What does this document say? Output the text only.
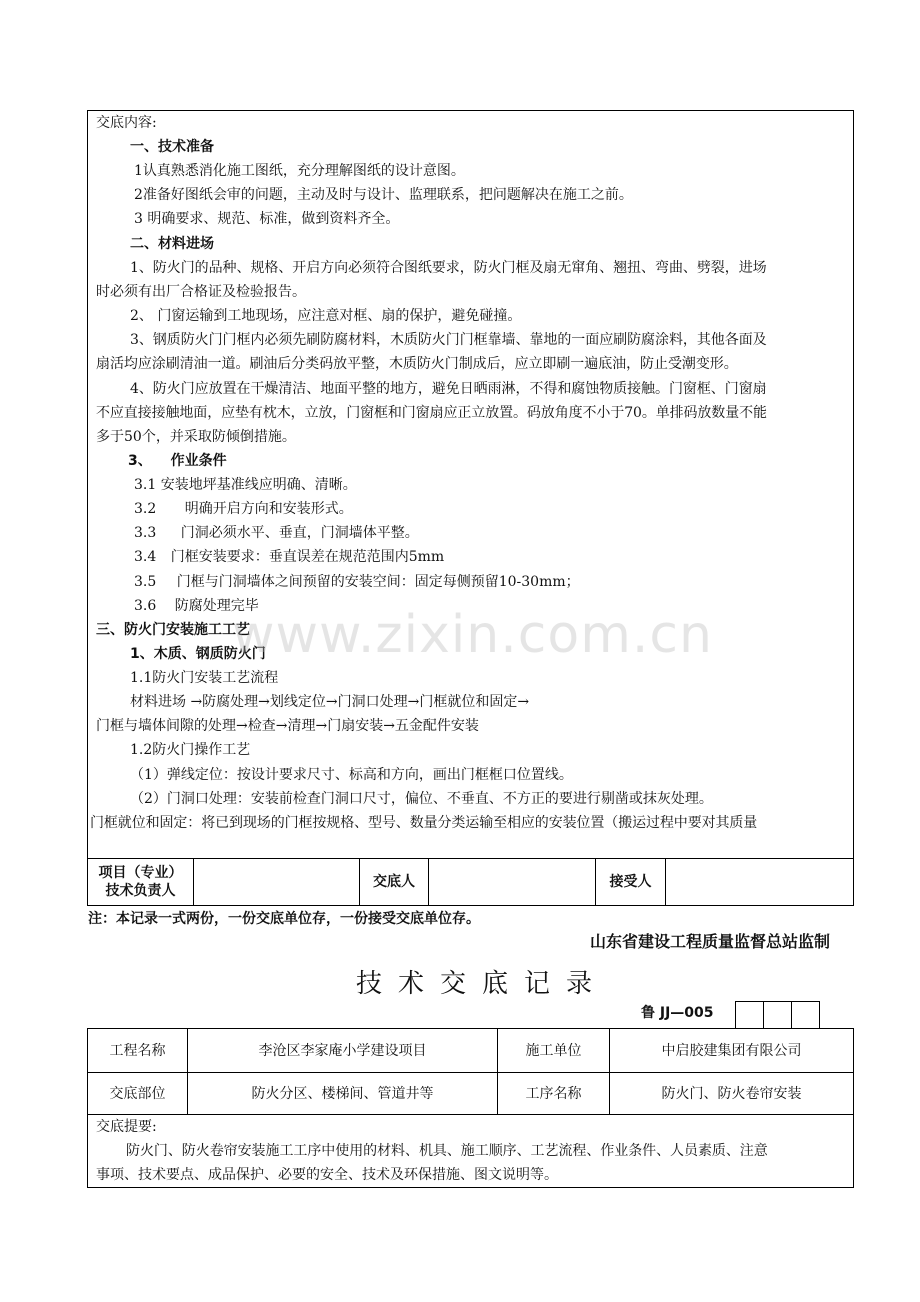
交底内容:
一、技术准备
1认真熟悉消化施工图纸，充分理解图纸的设计意图。
2准备好图纸会审的问题，主动及时与设计、监理联系，把问题解决在施工之前。
3 明确要求、规范、标准，做到资料齐全。
二、材料进场
1、防火门的品种、规格、开启方向必须符合图纸要求，防火门框及扇无窜角、翘扭、弯曲、劈裂，进场
时必须有出厂合格证及检验报告。
2、 门窗运输到工地现场，应注意对框、扇的保护，避免碰撞。
3、钢质防火门门框内必须先刷防腐材料，木质防火门门框靠墙、靠地的一面应刷防腐涂料，其他各面及
扇活均应涂刷清油一道。刷油后分类码放平整，木质防火门制成后，应立即刷一遍底油，防止受潮变形。
4、防火门应放置在干燥清洁、地面平整的地方，避免日晒雨淋，不得和腐蚀物质接触。门窗框、门窗扇
不应直接接触地面，应垫有枕木，立放，门窗框和门窗扇应正立放置。码放角度不小于70。单排码放数量不能
多于50个，并采取防倾倒措施。
3、 作业条件
3.1 安装地坪基准线应明确、清晰。
3.2 明确开启方向和安装形式。
3.3 门洞必须水平、垂直，门洞墙体平整。
3.4 门框安装要求：垂直误差在规范范围内5mm
3.5 门框与门洞墙体之间预留的安装空间：固定每侧预留10-30mm；
3.6 防腐处理完毕
三、防火门安装施工工艺
1、木质、钢质防火门
1.1防火门安装工艺流程
材料进场 →防腐处理→划线定位→门洞口处理→门框就位和固定→
门框与墙体间隙的处理→检查→清理→门扇安装→五金配件安装
1.2防火门操作工艺
（1）弹线定位：按设计要求尺寸、标高和方向，画出门框框口位置线。
（2）门洞口处理：安装前检查门洞口尺寸，偏位、不垂直、不方正的要进行剔凿或抹灰处理。
门框就位和固定：将已到现场的门框按规格、型号、数量分类运输至相应的安装位置（搬运过程中要对其质量
项目（专业）
技术负责人
交底人	接受人
注：本记录一式两份，一份交底单位存，一份接受交底单位存。
山东省建设工程质量监督总站监制
www.zixin.com.cn
技术交底记录
鲁 JJ—005
工程名称	李沧区李家庵小学建设项目	施工单位	中启胶建集团有限公司
交底部位	防火分区、楼梯间、管道井等	工序名称	防火门、防火卷帘安装
交底提要:
防火门、防火卷帘安装施工工序中使用的材料、机具、施工顺序、工艺流程、作业条件、人员素质、注意
事项、技术要点、成品保护、必要的安全、技术及环保措施、图文说明等。
